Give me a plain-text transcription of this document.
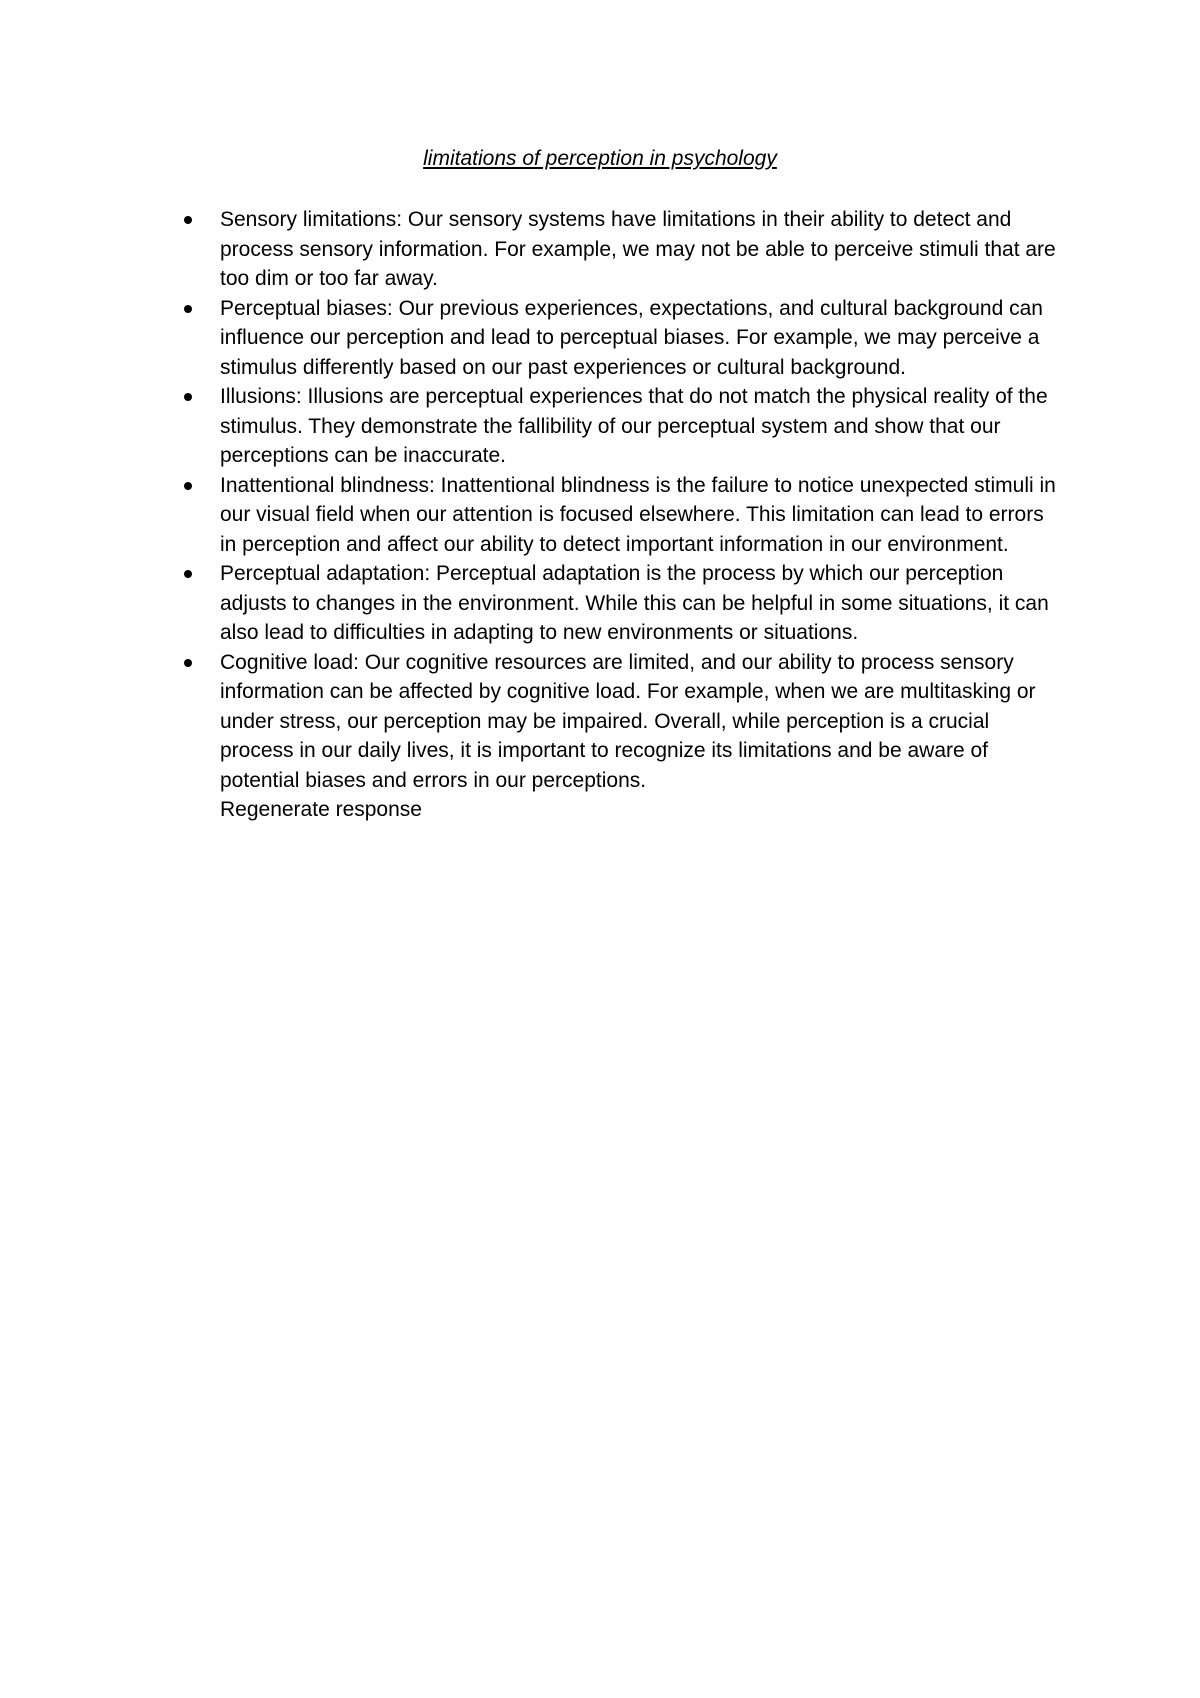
limitations of perception in psychology
Sensory limitations: Our sensory systems have limitations in their ability to detect and process sensory information. For example, we may not be able to perceive stimuli that are too dim or too far away.
Perceptual biases: Our previous experiences, expectations, and cultural background can influence our perception and lead to perceptual biases. For example, we may perceive a stimulus differently based on our past experiences or cultural background.
Illusions: Illusions are perceptual experiences that do not match the physical reality of the stimulus. They demonstrate the fallibility of our perceptual system and show that our perceptions can be inaccurate.
Inattentional blindness: Inattentional blindness is the failure to notice unexpected stimuli in our visual field when our attention is focused elsewhere. This limitation can lead to errors in perception and affect our ability to detect important information in our environment.
Perceptual adaptation: Perceptual adaptation is the process by which our perception adjusts to changes in the environment. While this can be helpful in some situations, it can also lead to difficulties in adapting to new environments or situations.
Cognitive load: Our cognitive resources are limited, and our ability to process sensory information can be affected by cognitive load. For example, when we are multitasking or under stress, our perception may be impaired. Overall, while perception is a crucial process in our daily lives, it is important to recognize its limitations and be aware of potential biases and errors in our perceptions.
Regenerate response
